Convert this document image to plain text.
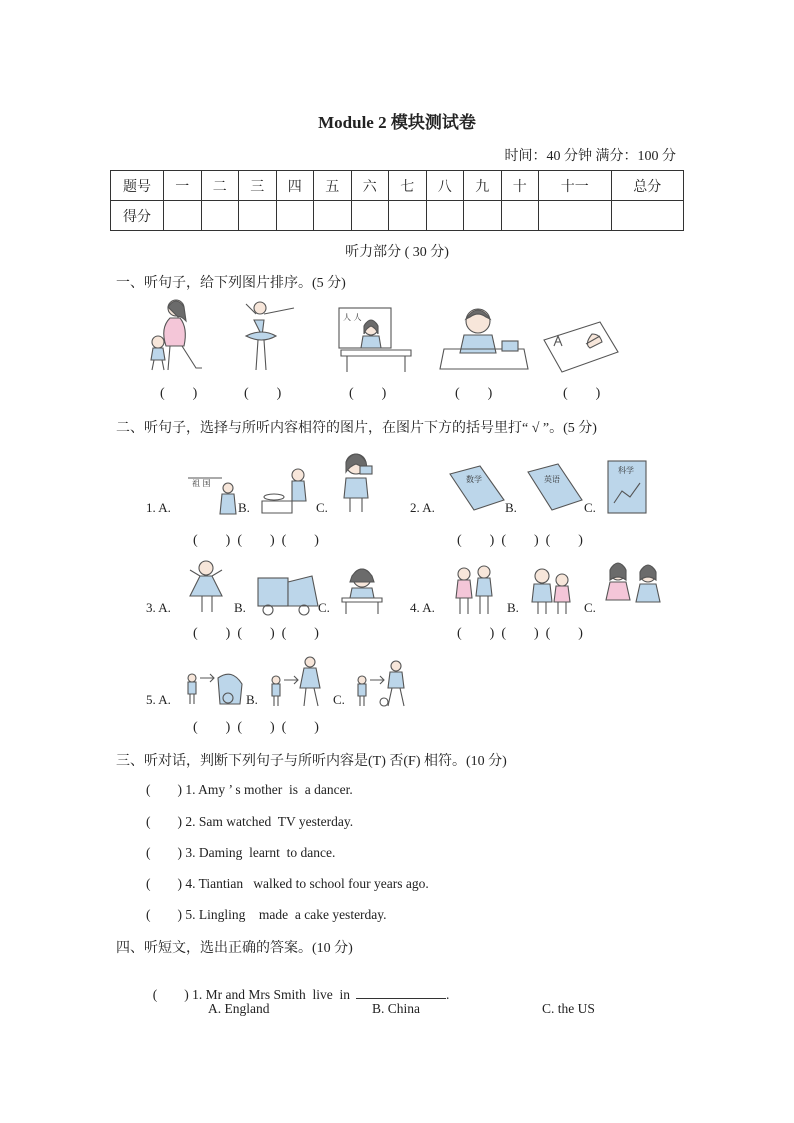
Module 2 模块测试卷
时间：40 分钟 满分：100 分
题号	一	二	三	四	五	六	七	八	九	十	十一	总分
得分												
听力部分 ( 30 分)
一、听句子，给下列图片排序。(5 分)
人 人
(        )	(        )	(        )	(        )	(        )
二、听句子，选择与所听内容相符的图片，在图片下方的括号里打“ √ ”。(5 分)
1. A.
祖 国
B.	C.	2. A.
数学
B.
英语
C.
科学
(        )  (        )  (        )	(        )  (        )  (        )
3. A.	B.	C.	4. A.	B.	C.
(        )  (        )  (        )	(        )  (        )  (        )
5. A.	B.	C.
(        )  (        )  (        )
三、听对话，判断下列句子与所听内容是(T) 否(F) 相符。(10 分)
(        ) 1. Amy ’ s mother  is  a dancer.
(        ) 2. Sam watched  TV yesterday.
(        ) 3. Daming  learnt  to dance.
(        ) 4. Tiantian   walked to school four years ago.
(        ) 5. Lingling    made  a cake yesterday.
四、听短文，选出正确的答案。(10 分)

(        ) 1. Mr and Mrs Smith  live  in	.

A. England	B. China	C. the US
